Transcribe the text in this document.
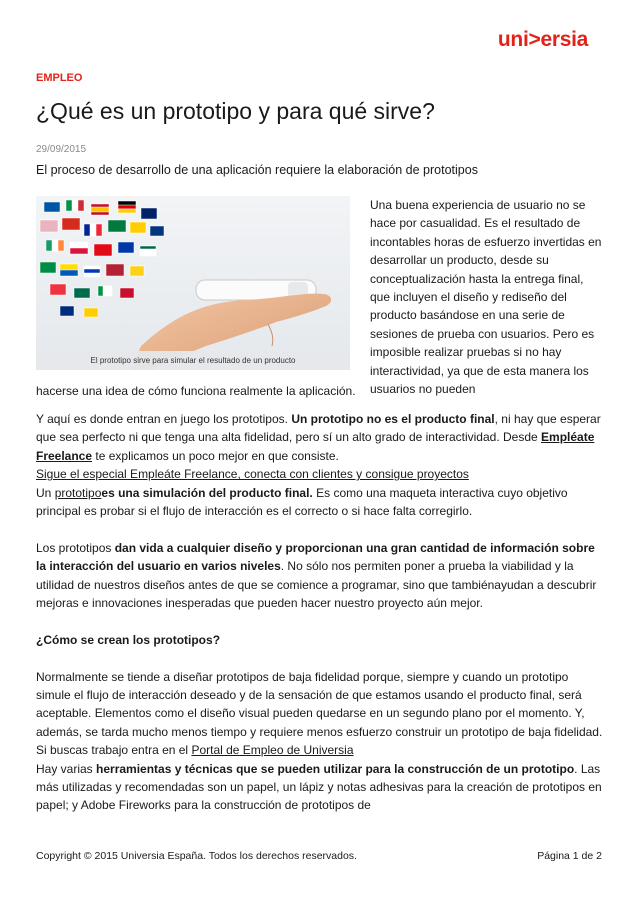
uni>ersia
EMPLEO
¿Qué es un prototipo y para qué sirve?
29/09/2015
El proceso de desarrollo de una aplicación requiere la elaboración de prototipos
El prototipo sirve para simular el resultado de un producto

Una buena experiencia de usuario no se hace por casualidad. Es el resultado de incontables horas de esfuerzo invertidas en desarrollar un producto, desde su conceptualización hasta la entrega final, que incluyen el diseño y rediseño del producto basándose en una serie de sesiones de prueba con usuarios. Pero es imposible realizar pruebas si no hay interactividad, ya que de esta manera los usuarios no pueden

hacerse una idea de cómo funciona realmente la aplicación.

Y aquí es donde entran en juego los prototipos. Un prototipo no es el producto final, ni hay que esperar que sea perfecto ni que tenga una alta fidelidad, pero sí un alto grado de interactividad. Desde Empléate Freelance te explicamos un poco mejor en que consiste.

Sigue el especial Empleáte Freelance, conecta con clientes y consigue proyectos

Un prototipoes una simulación del producto final. Es como una maqueta interactiva cuyo objetivo principal es probar si el flujo de interacción es el correcto o si hace falta corregirlo.

Los prototipos dan vida a cualquier diseño y proporcionan una gran cantidad de información sobre la interacción del usuario en varios niveles. No sólo nos permiten poner a prueba la viabilidad y la utilidad de nuestros diseños antes de que se comience a programar, sino que tambiénayudan a descubrir mejoras e innovaciones inesperadas que pueden hacer nuestro proyecto aún mejor.

¿Cómo se crean los prototipos?

Normalmente se tiende a diseñar prototipos de baja fidelidad porque, siempre y cuando un prototipo simule el flujo de interacción deseado y de la sensación de que estamos usando el producto final, será aceptable. Elementos como el diseño visual pueden quedarse en un segundo plano por el momento. Y, además, se tarda mucho menos tiempo y requiere menos esfuerzo construir un prototipo de baja fidelidad.

Si buscas trabajo entra en el Portal de Empleo de Universia

Hay varias herramientas y técnicas que se pueden utilizar para la construcción de un prototipo. Las más utilizadas y recomendadas son un papel, un lápiz y notas adhesivas para la creación de prototipos en papel; y Adobe Fireworks para la construcción de prototipos de

Copyright © 2015 Universia España. Todos los derechos reservados.	Página 1 de 2
